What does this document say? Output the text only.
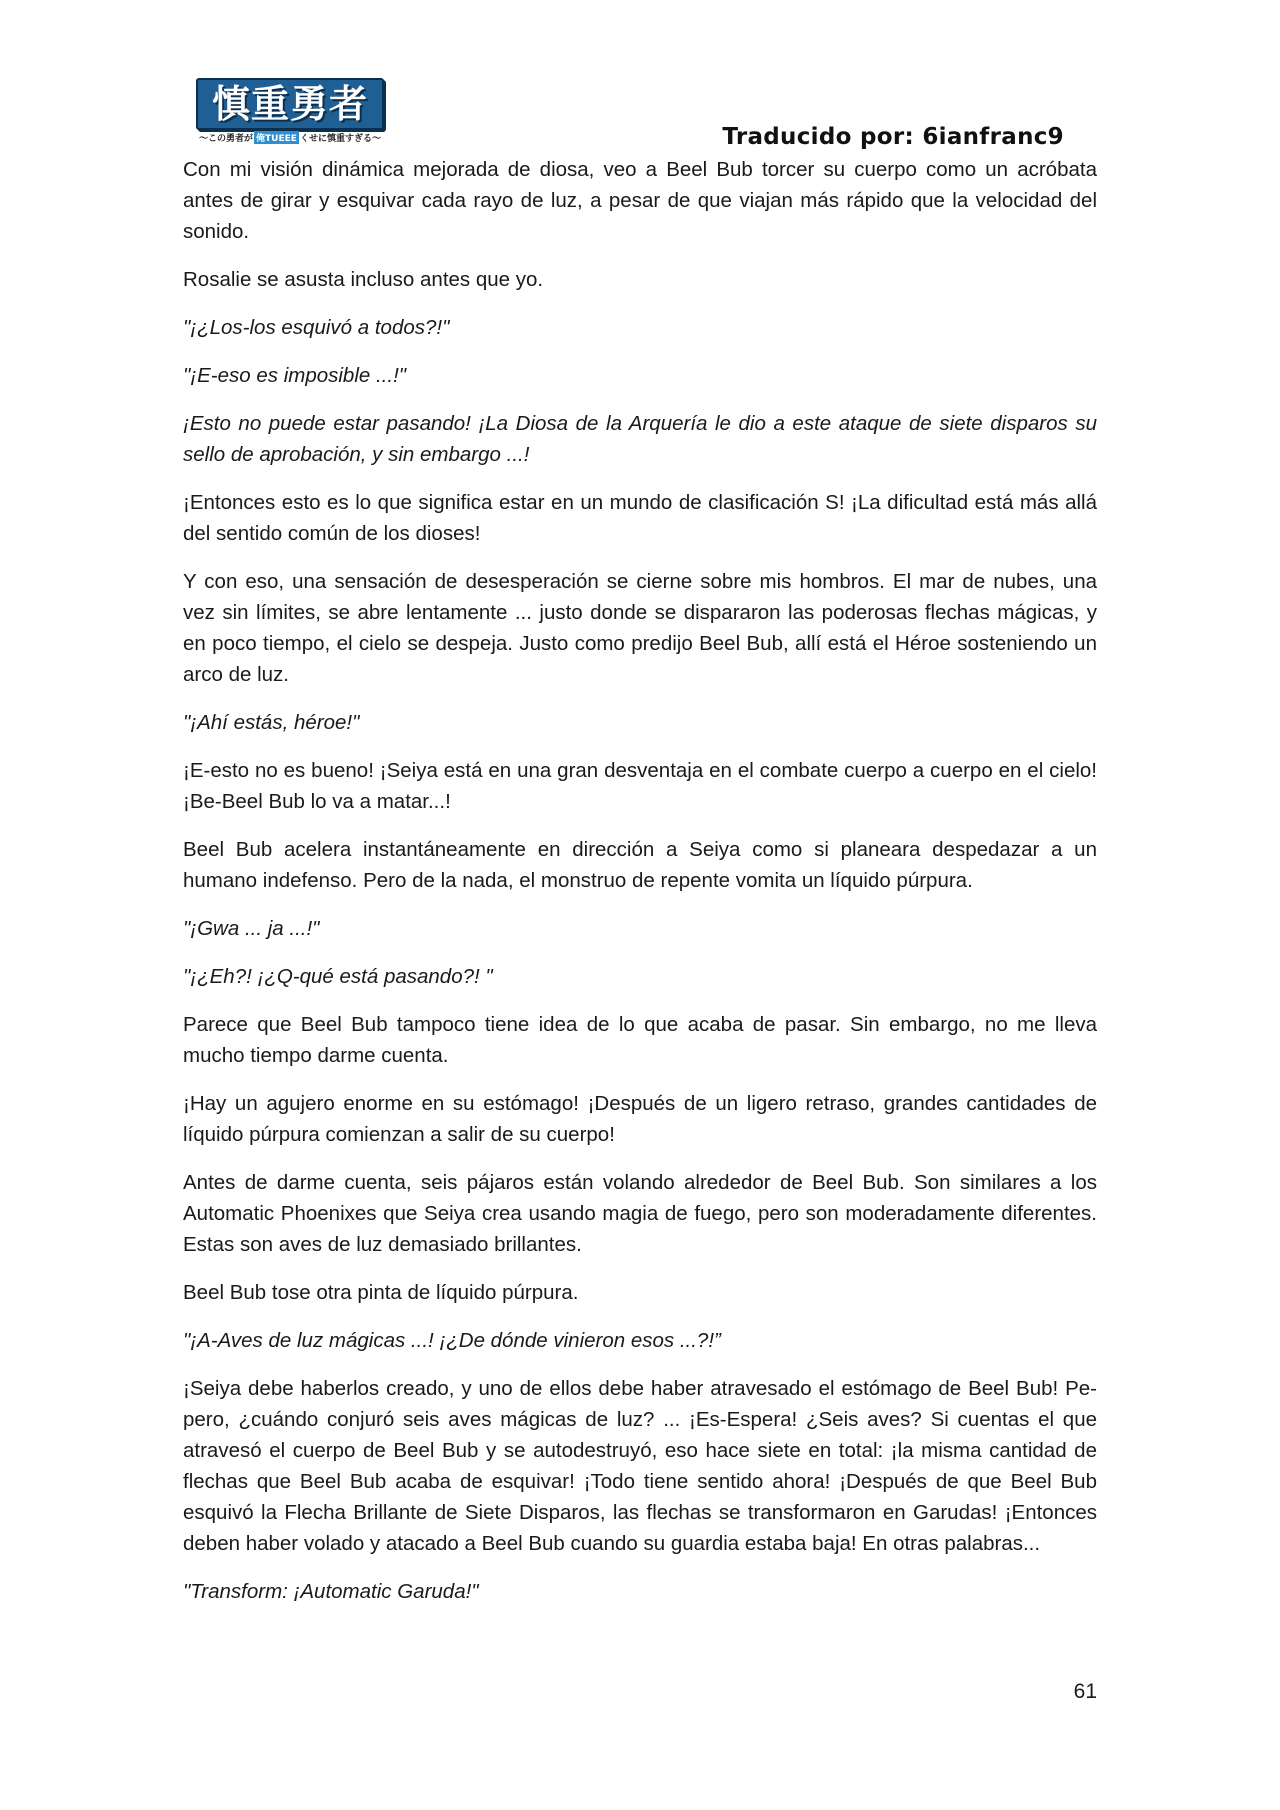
慎重勇者
〜この勇者が 俺TUEEE くせに慎重すぎる〜	Traducido por: 6ianfranc9

Con mi visión dinámica mejorada de diosa, veo a Beel Bub torcer su cuerpo como un acróbata antes de girar y esquivar cada rayo de luz, a pesar de que viajan más rápido que la velocidad del sonido.

Rosalie se asusta incluso antes que yo.

"¡¿Los-los esquivó a todos?!"

"¡E-eso es imposible ...!"

¡Esto no puede estar pasando! ¡La Diosa de la Arquería le dio a este ataque de siete disparos su sello de aprobación, y sin embargo ...!

¡Entonces esto es lo que significa estar en un mundo de clasificación S! ¡La dificultad está más allá del sentido común de los dioses!

Y con eso, una sensación de desesperación se cierne sobre mis hombros. El mar de nubes, una vez sin límites, se abre lentamente ... justo donde se dispararon las poderosas flechas mágicas, y en poco tiempo, el cielo se despeja. Justo como predijo Beel Bub, allí está el Héroe sosteniendo un arco de luz.

"¡Ahí estás, héroe!"

¡E-esto no es bueno! ¡Seiya está en una gran desventaja en el combate cuerpo a cuerpo en el cielo! ¡Be-Beel Bub lo va a matar...!

Beel Bub acelera instantáneamente en dirección a Seiya como si planeara despedazar a un humano indefenso. Pero de la nada, el monstruo de repente vomita un líquido púrpura.

"¡Gwa ... ja ...!"

"¡¿Eh?! ¡¿Q-qué está pasando?! "

Parece que Beel Bub tampoco tiene idea de lo que acaba de pasar. Sin embargo, no me lleva mucho tiempo darme cuenta.

¡Hay un agujero enorme en su estómago! ¡Después de un ligero retraso, grandes cantidades de líquido púrpura comienzan a salir de su cuerpo!

Antes de darme cuenta, seis pájaros están volando alrededor de Beel Bub. Son similares a los Automatic Phoenixes que Seiya crea usando magia de fuego, pero son moderadamente diferentes. Estas son aves de luz demasiado brillantes.

Beel Bub tose otra pinta de líquido púrpura.

"¡A-Aves de luz mágicas ...! ¡¿De dónde vinieron esos ...?!”

¡Seiya debe haberlos creado, y uno de ellos debe haber atravesado el estómago de Beel Bub! Pe-pero, ¿cuándo conjuró seis aves mágicas de luz? ... ¡Es-Espera! ¿Seis aves? Si cuentas el que atravesó el cuerpo de Beel Bub y se autodestruyó, eso hace siete en total: ¡la misma cantidad de flechas que Beel Bub acaba de esquivar! ¡Todo tiene sentido ahora! ¡Después de que Beel Bub esquivó la Flecha Brillante de Siete Disparos, las flechas se transformaron en Garudas! ¡Entonces deben haber volado y atacado a Beel Bub cuando su guardia estaba baja! En otras palabras...

"Transform: ¡Automatic Garuda!"

61
